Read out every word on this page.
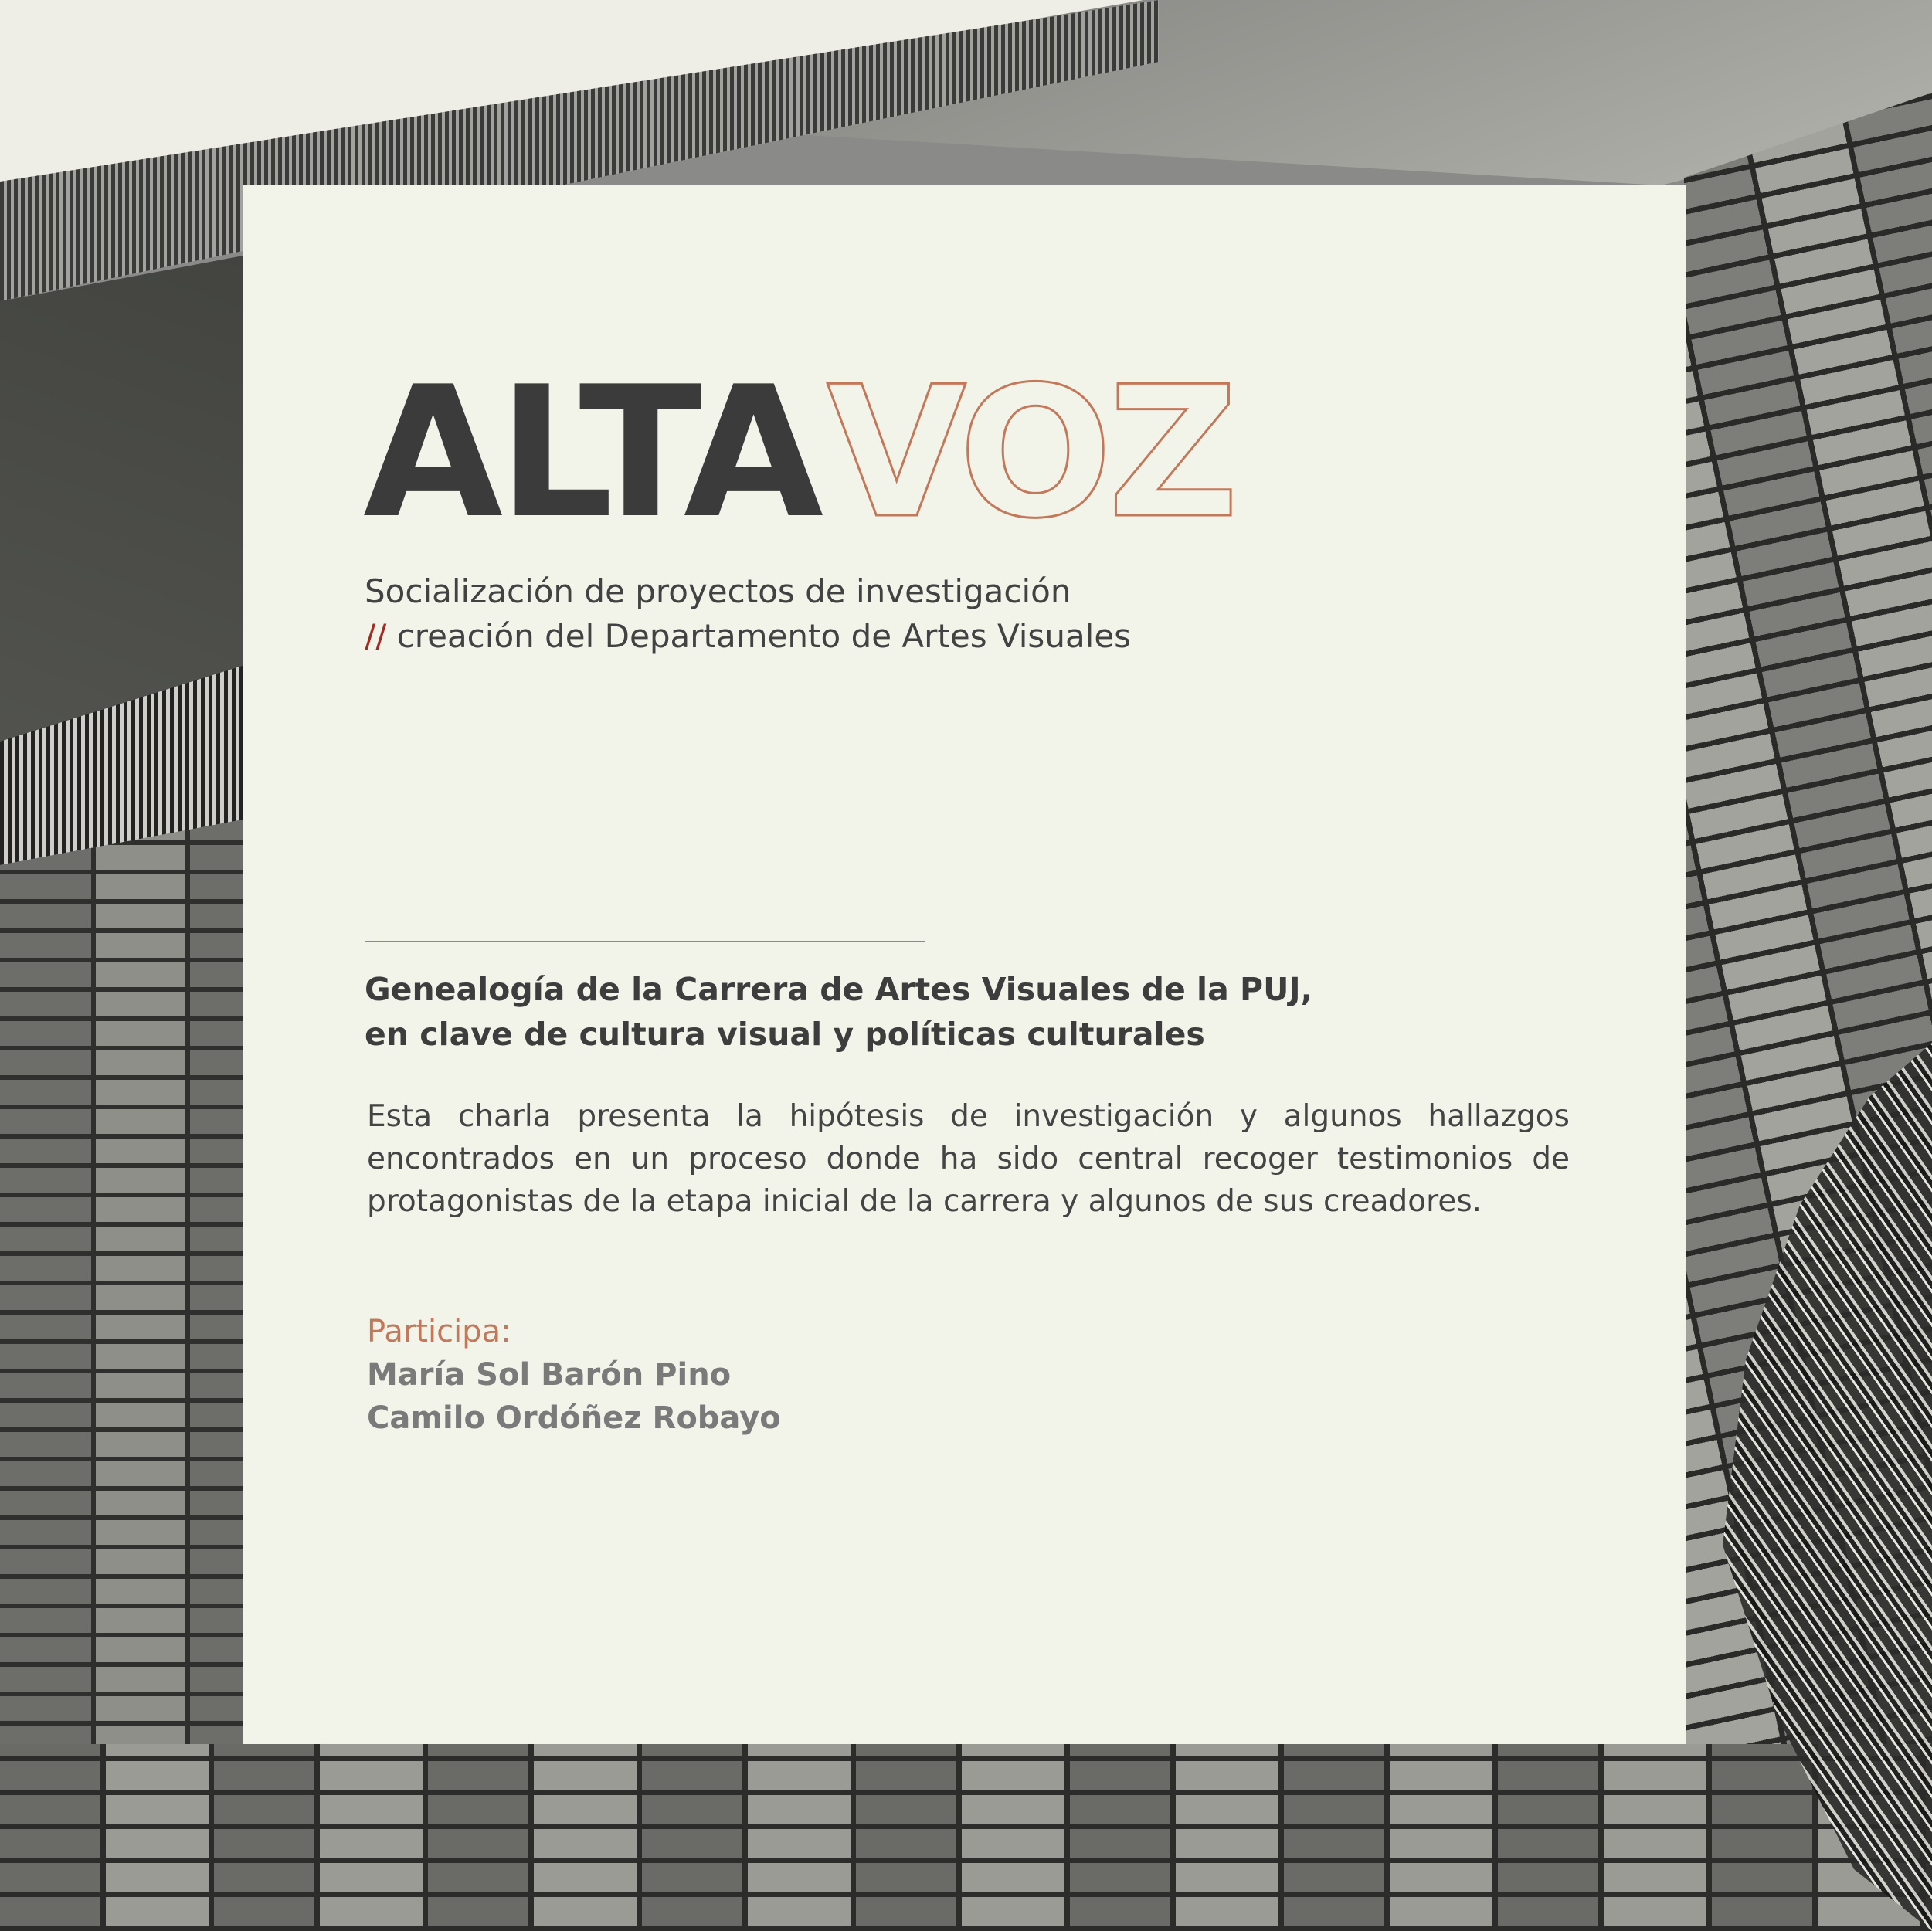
ALTAVOZ
Socialización de proyectos de investigación
// creación del Departamento de Artes Visuales
Genealogía de la Carrera de Artes Visuales de la PUJ,
en clave de cultura visual y políticas culturales
Esta charla presenta la hipótesis de investigación y algunos hallazgos encontrados en un proceso donde ha sido central recoger testimonios de protagonistas de la etapa inicial de la carrera y algunos de sus creadores.
Participa:
María Sol Barón Pino
Camilo Ordóñez Robayo
